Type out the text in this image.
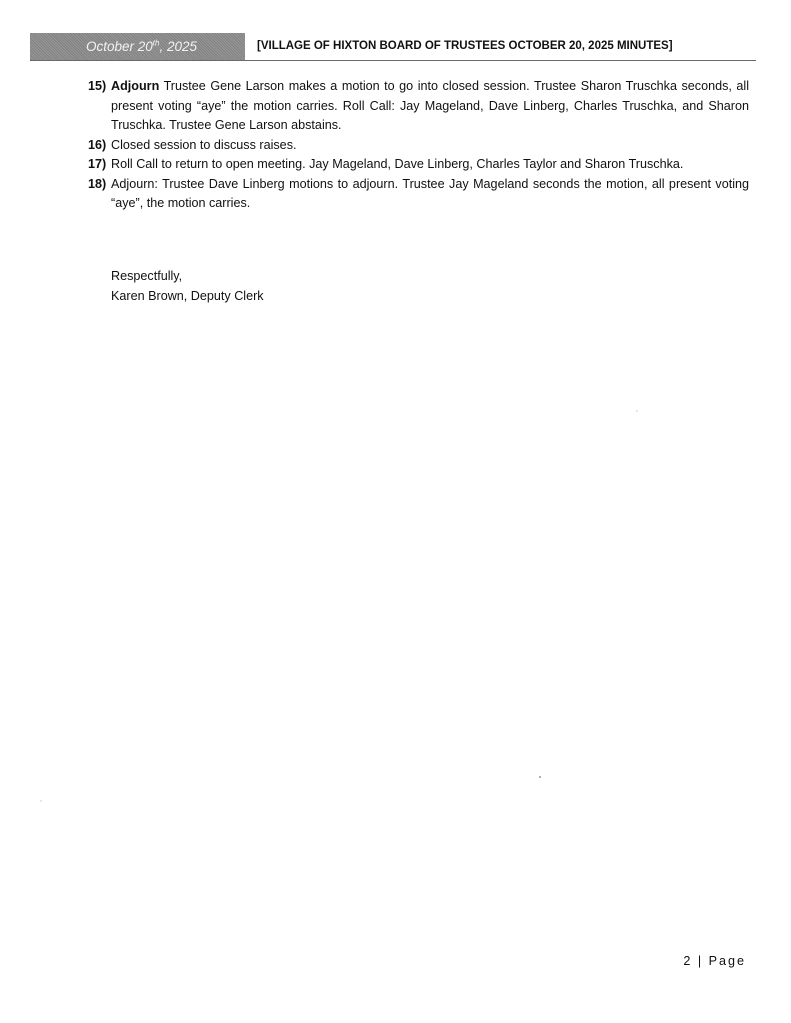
October 20th, 2025	[VILLAGE OF HIXTON BOARD OF TRUSTEES OCTOBER 20, 2025 MINUTES]
15) Adjourn Trustee Gene Larson makes a motion to go into closed session. Trustee Sharon Truschka seconds, all present voting “aye” the motion carries. Roll Call: Jay Mageland, Dave Linberg, Charles Truschka, and Sharon Truschka. Trustee Gene Larson abstains.
16) Closed session to discuss raises.
17) Roll Call to return to open meeting. Jay Mageland, Dave Linberg, Charles Taylor and Sharon Truschka.
18) Adjourn: Trustee Dave Linberg motions to adjourn. Trustee Jay Mageland seconds the motion, all present voting “aye”, the motion carries.
Respectfully,
Karen Brown, Deputy Clerk
2 | Page
